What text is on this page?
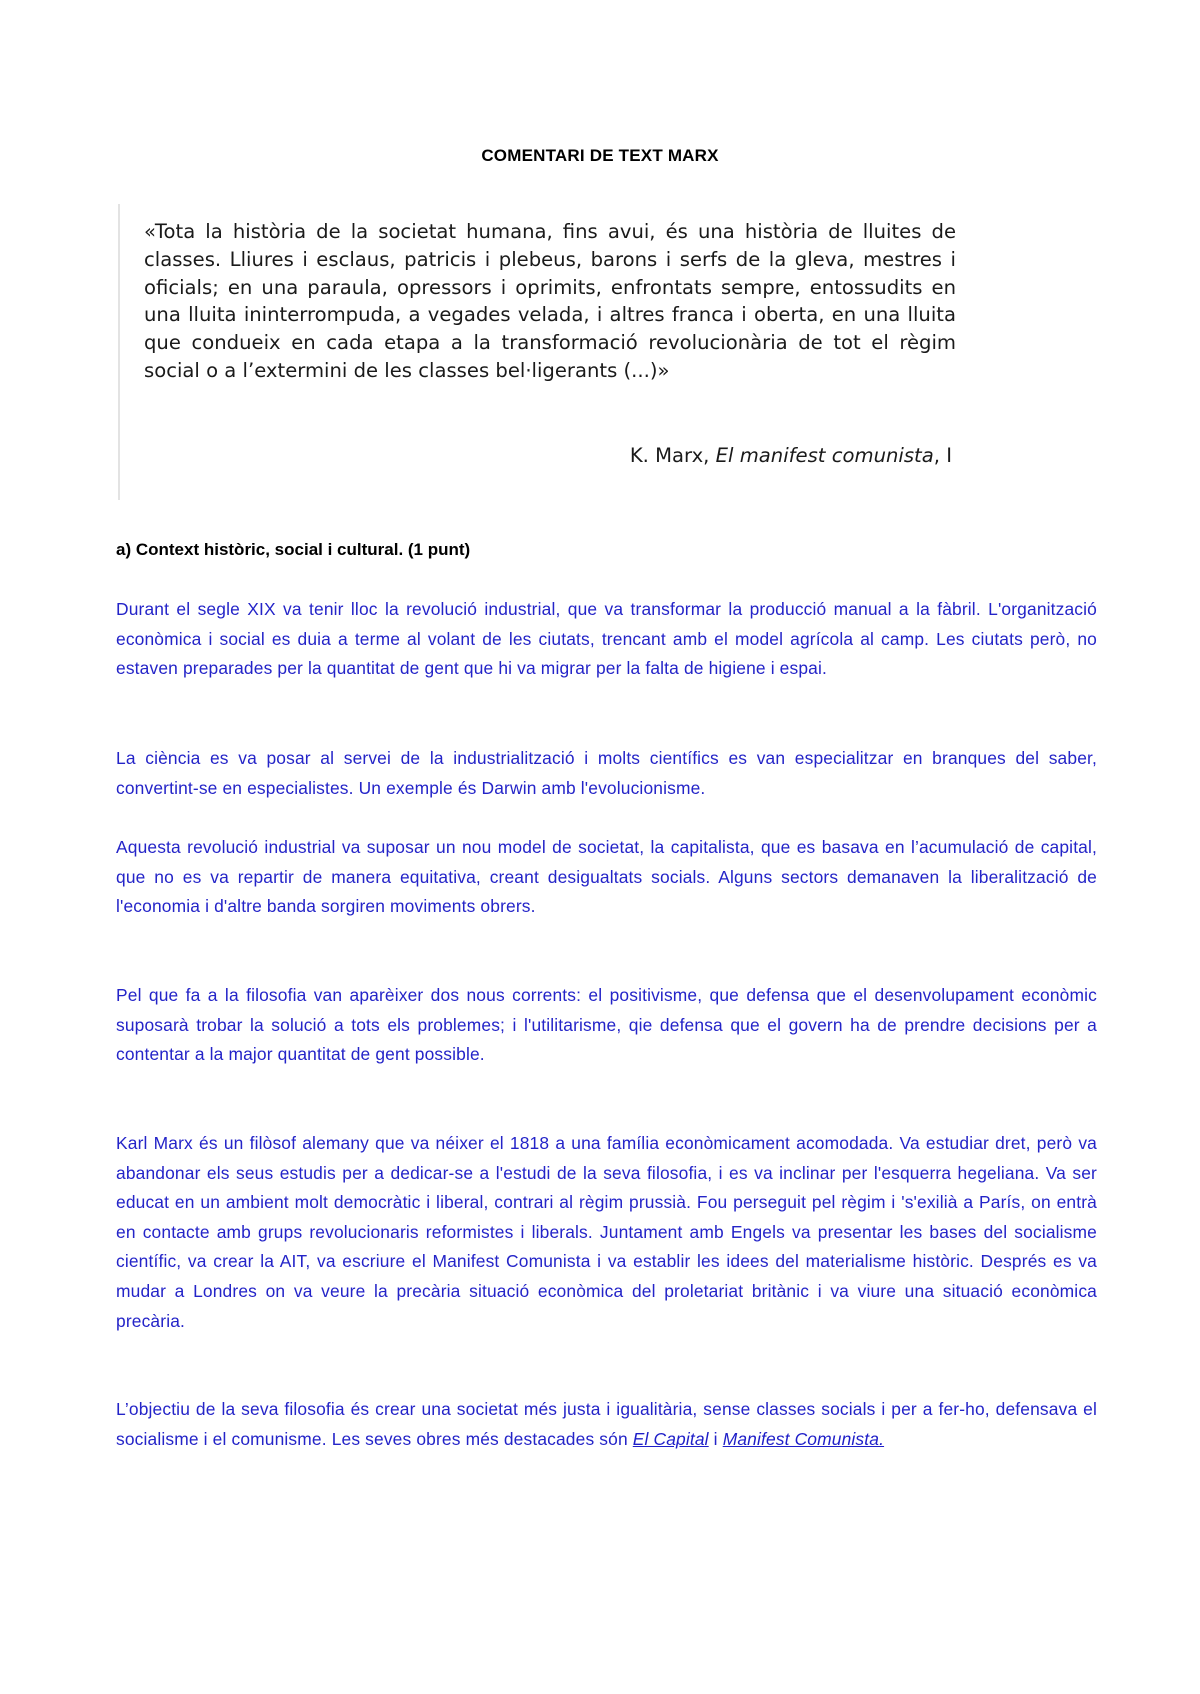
COMENTARI DE TEXT MARX

«Tota la història de la societat humana, fins avui, és una història de lluites de classes. Lliures i esclaus, patricis i plebeus, barons i serfs de la gleva, mestres i oficials; en una paraula, opressors i oprimits, enfrontats sempre, entossudits en una lluita ininterrompuda, a vegades velada, i altres franca i oberta, en una lluita que condueix en cada etapa a la transformació revolucionària de tot el règim social o a l’extermini de les classes bel·ligerants (...)»

K. Marx, El manifest comunista, I
a) Context històric, social i cultural. (1 punt)

Durant el segle XIX va tenir lloc la revolució industrial, que va transformar la producció manual a la fàbril. L'organització econòmica i social es duia a terme al volant de les ciutats, trencant amb el model agrícola al camp. Les ciutats però, no estaven preparades per la quantitat de gent que hi va migrar per la falta de higiene i espai.

La ciència es va posar al servei de la industrialització i molts científics es van especialitzar en branques del saber, convertint-se en especialistes. Un exemple és Darwin amb l'evolucionisme.

Aquesta revolució industrial va suposar un nou model de societat, la capitalista, que es basava en l’acumulació de capital, que no es va repartir de manera equitativa, creant desigualtats socials. Alguns sectors demanaven la liberalització de l'economia i d'altre banda sorgiren moviments obrers.

Pel que fa a la filosofia van aparèixer dos nous corrents: el positivisme, que defensa que el desenvolupament econòmic suposarà trobar la solució a tots els problemes; i l'utilitarisme, qie defensa que el govern ha de prendre decisions per a contentar a la major quantitat de gent possible.

Karl Marx és un filòsof alemany que va néixer el 1818 a una família econòmicament acomodada. Va estudiar dret, però va abandonar els seus estudis per a dedicar-se a l'estudi de la seva filosofia, i es va inclinar per l'esquerra hegeliana. Va ser educat en un ambient molt democràtic i liberal, contrari al règim prussià. Fou perseguit pel règim i 's'exilià a París, on entrà en contacte amb grups revolucionaris reformistes i liberals. Juntament amb Engels va presentar les bases del socialisme científic, va crear la AIT, va escriure el Manifest Comunista i va establir les idees del materialisme històric. Després es va mudar a Londres on va veure la precària situació econòmica del proletariat britànic i va viure una situació econòmica precària.

L’objectiu de la seva filosofia és crear una societat més justa i igualitària, sense classes socials i per a fer-ho, defensava el socialisme i el comunisme. Les seves obres més destacades són El Capital i Manifest Comunista.
